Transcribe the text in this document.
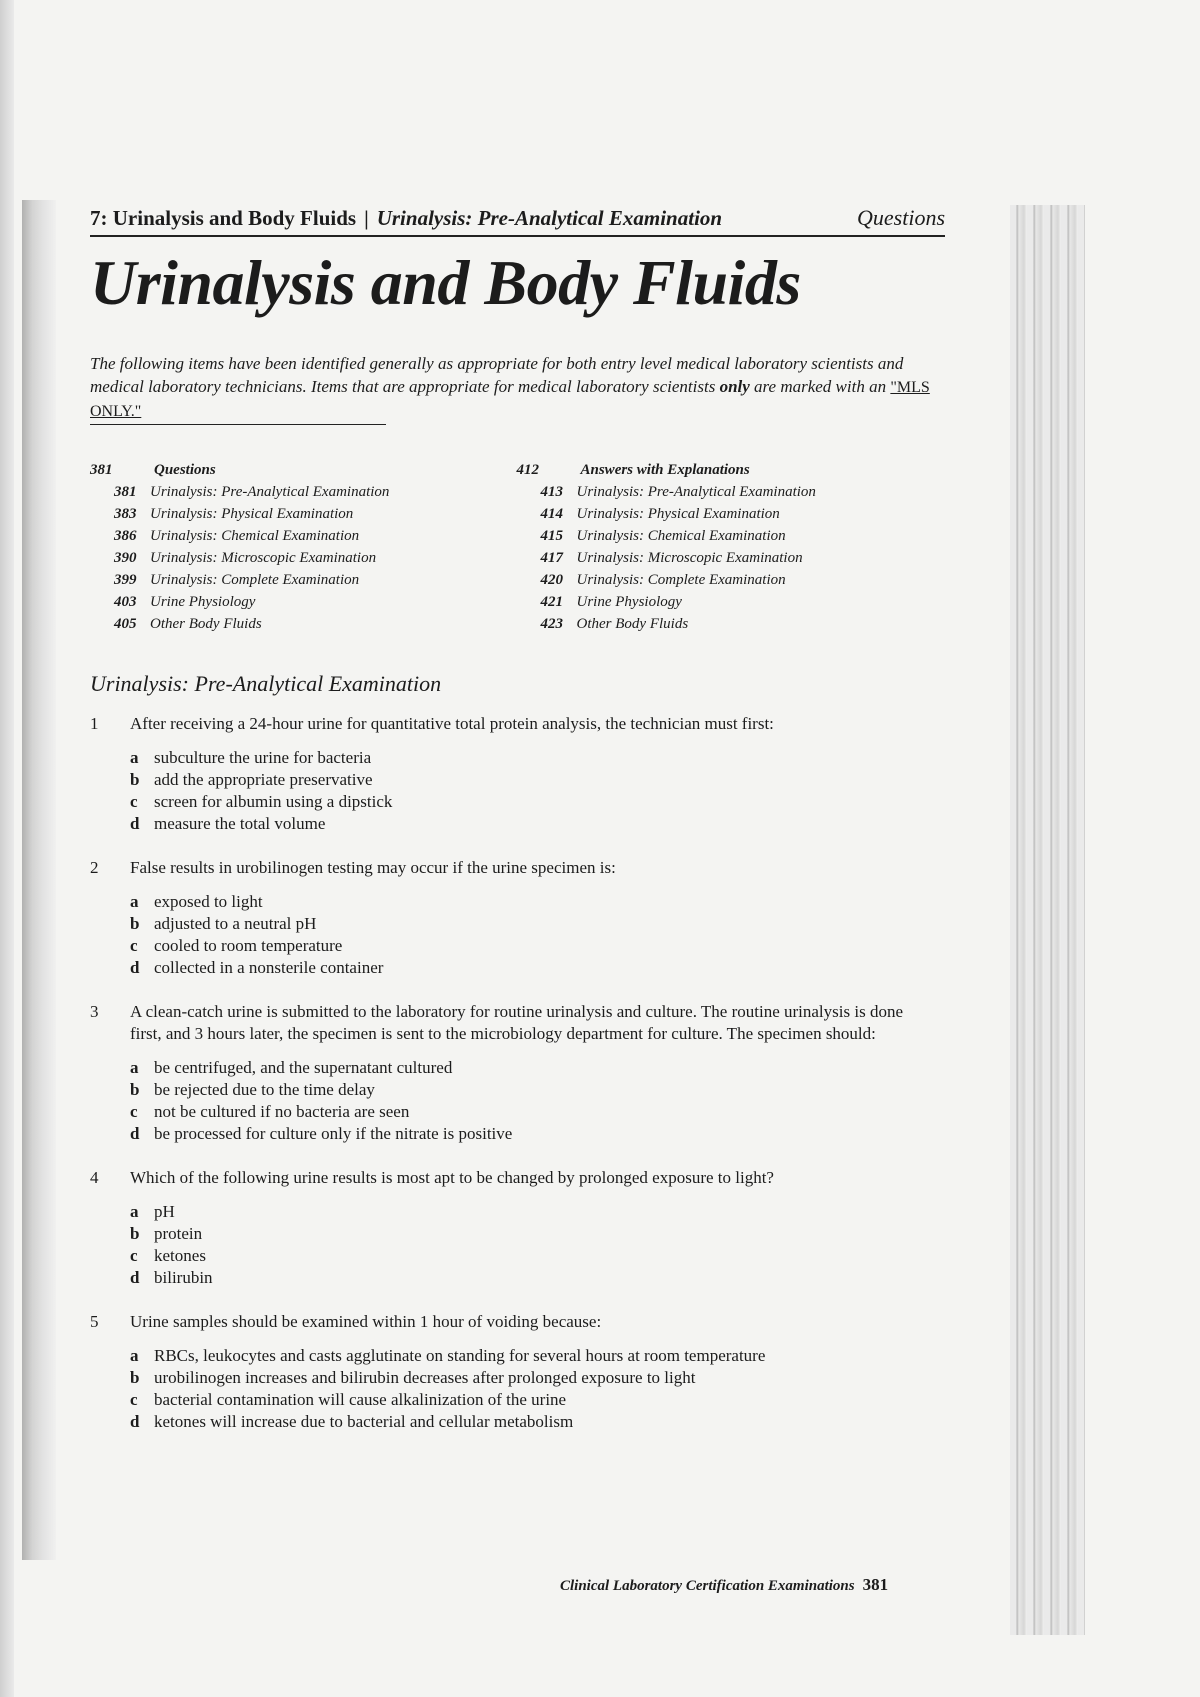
7: Urinalysis and Body Fluids | Urinalysis: Pre-Analytical Examination	Questions
Urinalysis and Body Fluids
The following items have been identified generally as appropriate for both entry level medical laboratory scientists and medical laboratory technicians. Items that are appropriate for medical laboratory scientists only are marked with an "MLS ONLY."
381	Questions
381 Urinalysis: Pre-Analytical Examination
383 Urinalysis: Physical Examination
386 Urinalysis: Chemical Examination
390 Urinalysis: Microscopic Examination
399 Urinalysis: Complete Examination
403 Urine Physiology
405 Other Body Fluids
412	Answers with Explanations
413 Urinalysis: Pre-Analytical Examination
414 Urinalysis: Physical Examination
415 Urinalysis: Chemical Examination
417 Urinalysis: Microscopic Examination
420 Urinalysis: Complete Examination
421 Urine Physiology
423 Other Body Fluids
Urinalysis: Pre-Analytical Examination
1	After receiving a 24-hour urine for quantitative total protein analysis, the technician must first:
a subculture the urine for bacteria
b add the appropriate preservative
c screen for albumin using a dipstick
d measure the total volume
2	False results in urobilinogen testing may occur if the urine specimen is:
a exposed to light
b adjusted to a neutral pH
c cooled to room temperature
d collected in a nonsterile container
3	A clean-catch urine is submitted to the laboratory for routine urinalysis and culture. The routine urinalysis is done first, and 3 hours later, the specimen is sent to the microbiology department for culture. The specimen should:
a be centrifuged, and the supernatant cultured
b be rejected due to the time delay
c not be cultured if no bacteria are seen
d be processed for culture only if the nitrate is positive
4	Which of the following urine results is most apt to be changed by prolonged exposure to light?
a pH
b protein
c ketones
d bilirubin
5	Urine samples should be examined within 1 hour of voiding because:
a RBCs, leukocytes and casts agglutinate on standing for several hours at room temperature
b urobilinogen increases and bilirubin decreases after prolonged exposure to light
c bacterial contamination will cause alkalinization of the urine
d ketones will increase due to bacterial and cellular metabolism
Clinical Laboratory Certification Examinations 381
